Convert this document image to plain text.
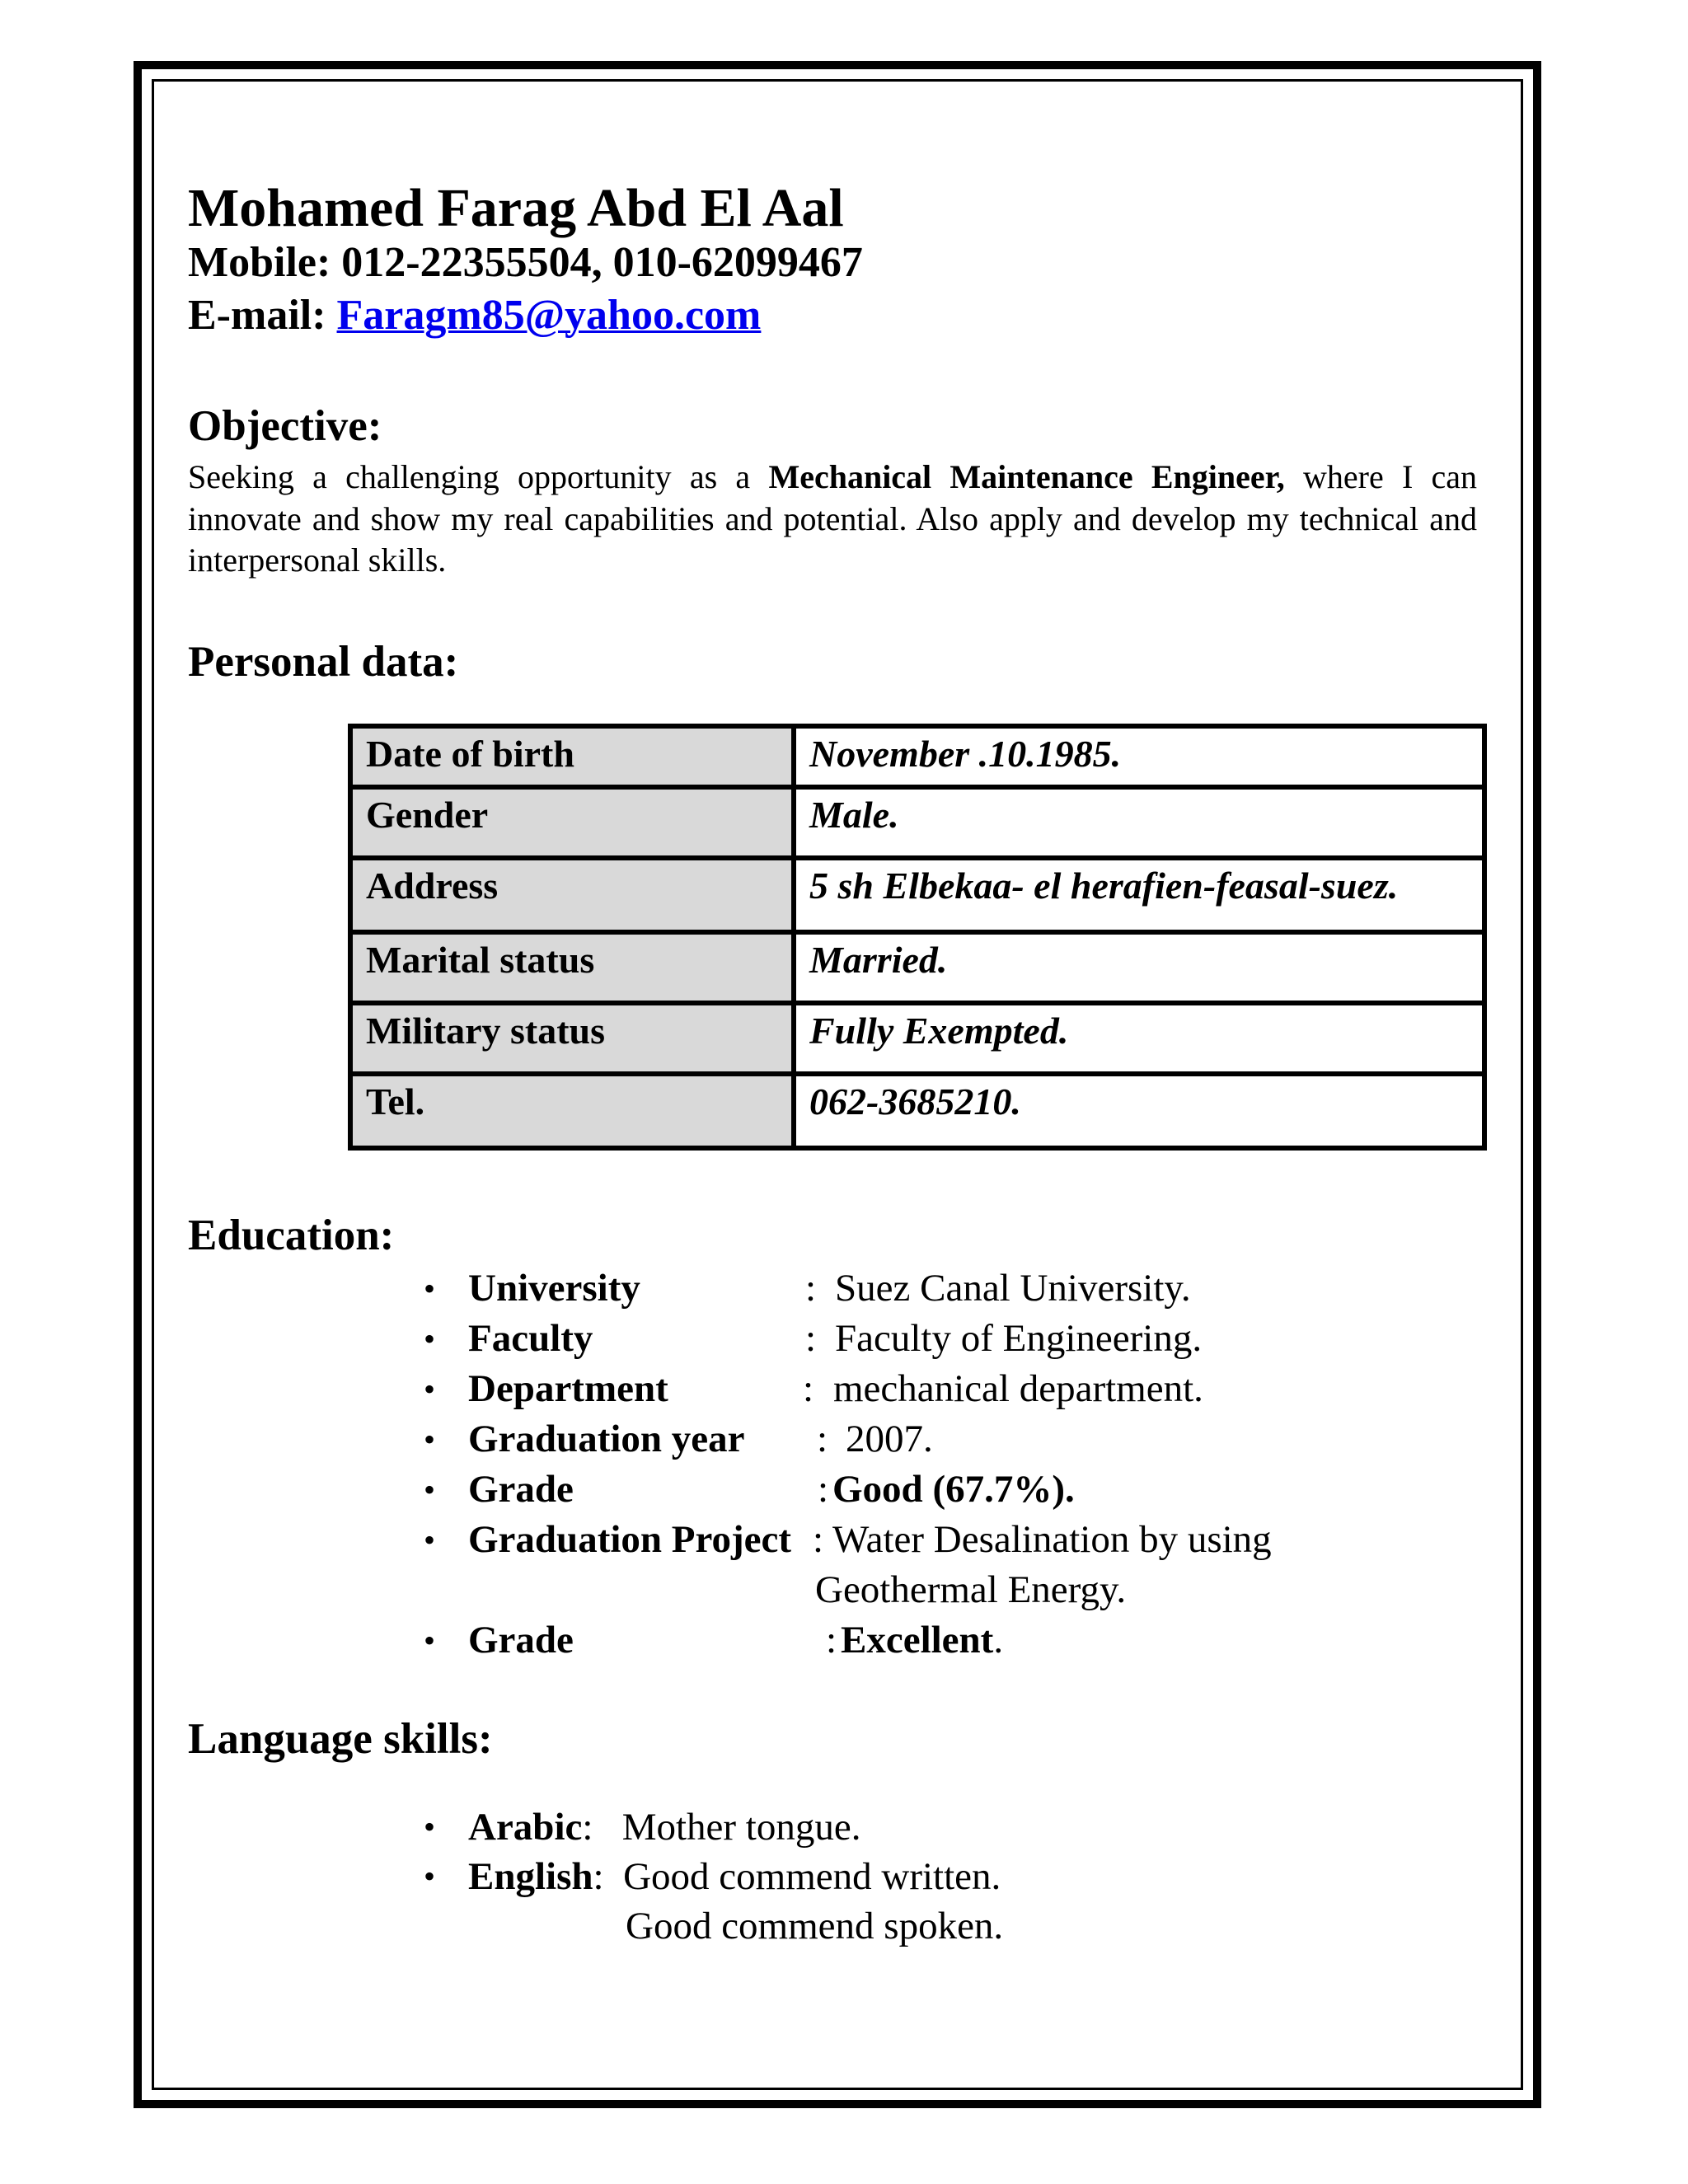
Mohamed Farag Abd El Aal
Mobile: 012-22355504, 010-62099467
E-mail: Faragm85@yahoo.com
Objective:

Seeking a challenging opportunity as a Mechanical Maintenance Engineer, where I can innovate and show my real capabilities and potential. Also apply and develop my technical and interpersonal skills.

Personal data:
Date of birth	November .10.1985.
Gender	Male.
Address	5 sh Elbekaa- el herafien-feasal-suez.
Marital status	Married.
Military status	Fully Exempted.
Tel.	062-3685210.
Education:
• University	: Suez Canal University.
• Faculty	: Faculty of Engineering.
• Department	: mechanical department.
• Graduation year : 2007.
• Grade	: Good (67.7%).
• Graduation Project : Water Desalination by using
Geothermal Energy.
• Grade	: Excellent.
Language skills:
• Arabic: Mother tongue.
• English: Good commend written.
Good commend spoken.
